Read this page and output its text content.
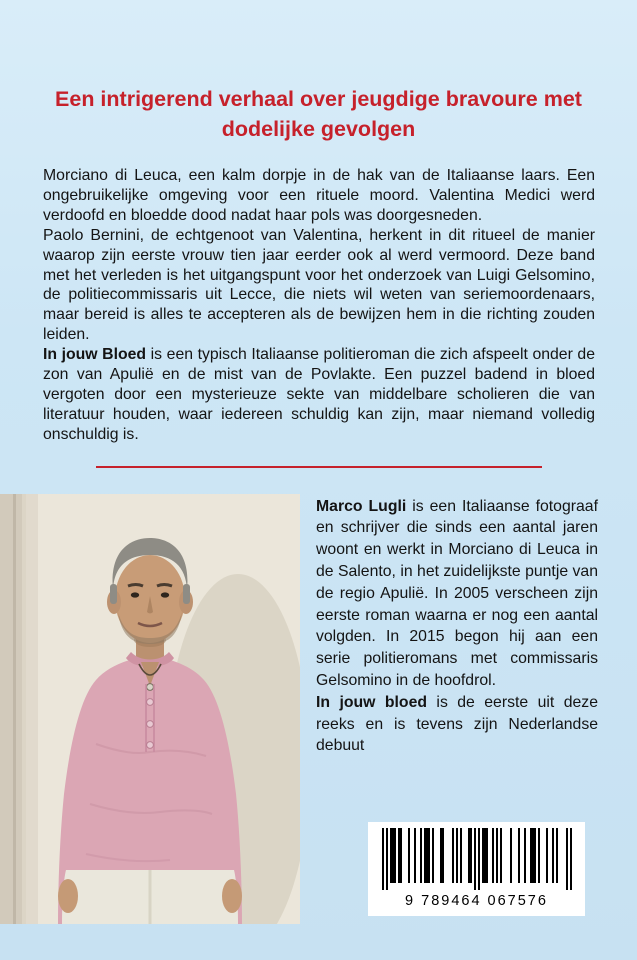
Een intrigerend verhaal over jeugdige bravoure met dodelijke gevolgen

Morciano di Leuca, een kalm dorpje in de hak van de Italiaanse laars. Een ongebruikelijke omgeving voor een rituele moord. Valentina Medici werd verdoofd en bloedde dood nadat haar pols was doorgesneden.

Paolo Bernini, de echtgenoot van Valentina, herkent in dit ritueel de manier waarop zijn eerste vrouw tien jaar eerder ook al werd vermoord. Deze band met het verleden is het uitgangspunt voor het onderzoek van Luigi Gelsomino, de politiecommissaris uit Lecce, die niets wil weten van seriemoordenaars, maar bereid is alles te accepteren als de bewijzen hem in die richting zouden leiden.

In jouw Bloed is een typisch Italiaanse politieroman die zich afspeelt onder de zon van Apulië en de mist van de Povlakte. Een puzzel badend in bloed vergoten door een mysterieuze sekte van middelbare scholieren die van literatuur houden, waar iedereen schuldig kan zijn, maar niemand volledig onschuldig is.

Marco Lugli is een Italiaanse fotograaf en schrijver die sinds een aantal jaren woont en werkt in Morciano di Leuca in de Salento, in het zuidelijkste puntje van de regio Apulië. In 2005 verscheen zijn eerste roman waarna er nog een aantal volgden. In 2015 begon hij aan een serie politieromans met commissaris Gelsomino in de hoofdrol.

In jouw bloed is de eerste uit deze reeks en is tevens zijn Nederlandse debuut

9 789464 067576
